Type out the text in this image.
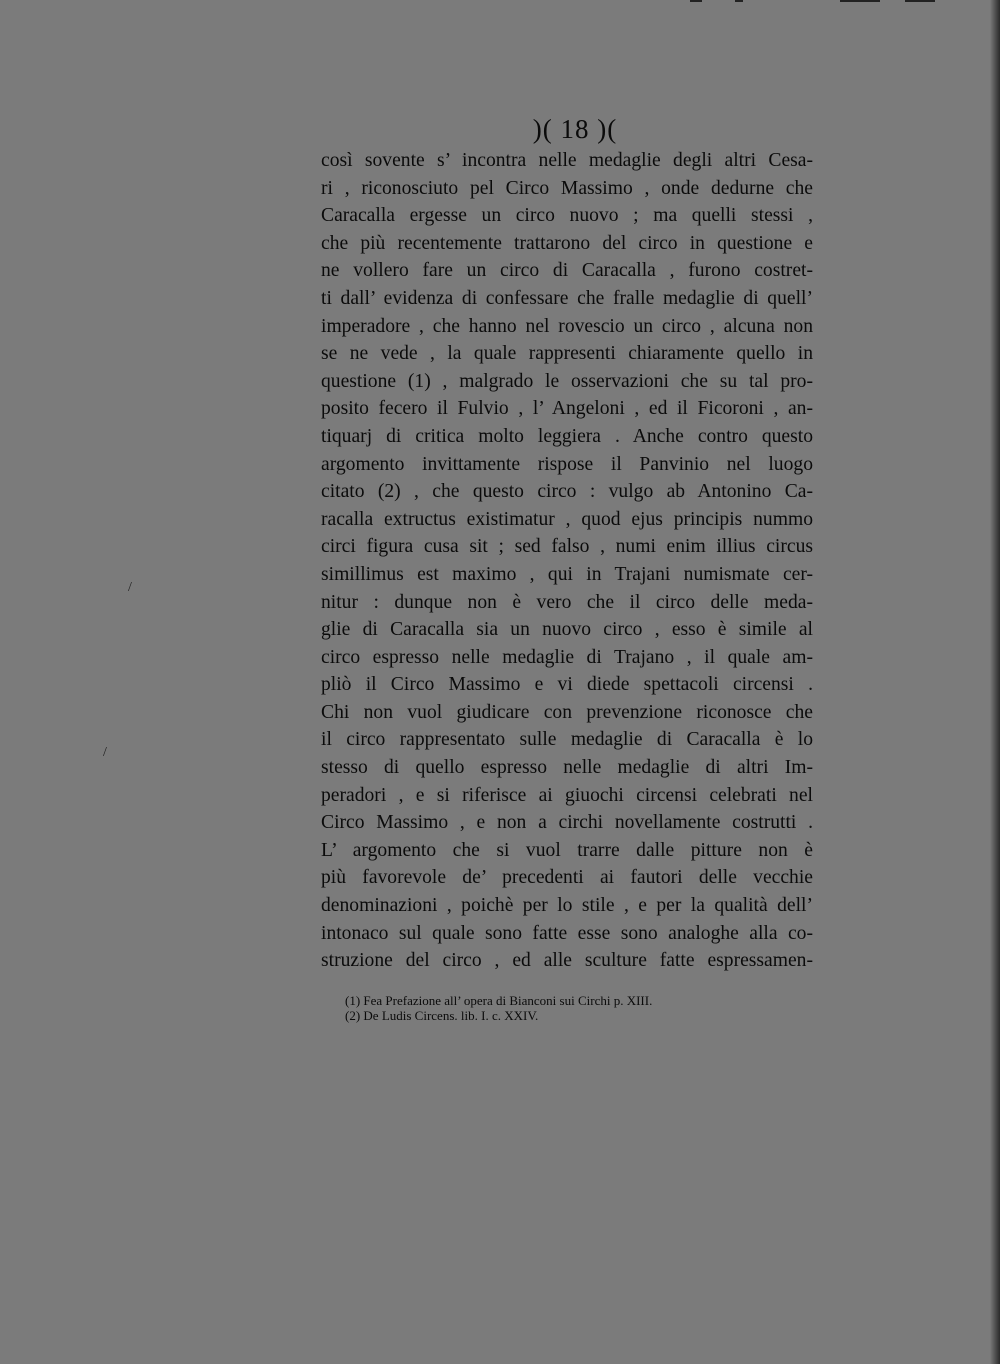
)( 18 )(
così sovente s’ incontra nelle medaglie degli altri Cesa-
ri , riconosciuto pel Circo Massimo , onde dedurne che
Caracalla ergesse un circo nuovo ; ma quelli stessi ,
che più recentemente trattarono del circo in questione e
ne vollero fare un circo di Caracalla , furono costret-
ti dall’ evidenza di confessare che fralle medaglie di quell’
imperadore , che hanno nel rovescio un circo , alcuna non
se ne vede , la quale rappresenti chiaramente quello in
questione (1) , malgrado le osservazioni che su tal pro-
posito fecero il Fulvio , l’ Angeloni , ed il Ficoroni , an-
tiquarj di critica molto leggiera . Anche contro questo
argomento invittamente rispose il Panvinio nel luogo
citato (2) , che questo circo : vulgo ab Antonino Ca-
racalla extructus existimatur , quod ejus principis nummo
circi figura cusa sit ; sed falso , numi enim illius circus
simillimus est maximo , qui in Trajani numismate cer-
nitur : dunque non è vero che il circo delle meda-
glie di Caracalla sia un nuovo circo , esso è simile al
circo espresso nelle medaglie di Trajano , il quale am-
pliò il Circo Massimo e vi diede spettacoli circensi .
Chi non vuol giudicare con prevenzione riconosce che
il circo rappresentato sulle medaglie di Caracalla è lo
stesso di quello espresso nelle medaglie di altri Im-
peradori , e si riferisce ai giuochi circensi celebrati nel
Circo Massimo , e non a circhi novellamente costrutti .
L’ argomento che si vuol trarre dalle pitture non è
più favorevole de’ precedenti ai fautori delle vecchie
denominazioni , poichè per lo stile , e per la qualità dell’
intonaco sul quale sono fatte esse sono analoghe alla co-
struzione del circo , ed alle sculture fatte espressamen-
(1) Fea Prefazione all’ opera di Bianconi sui Circhi p. XIII.
(2) De Ludis Circens. lib. I. c. XXIV.
/
/
